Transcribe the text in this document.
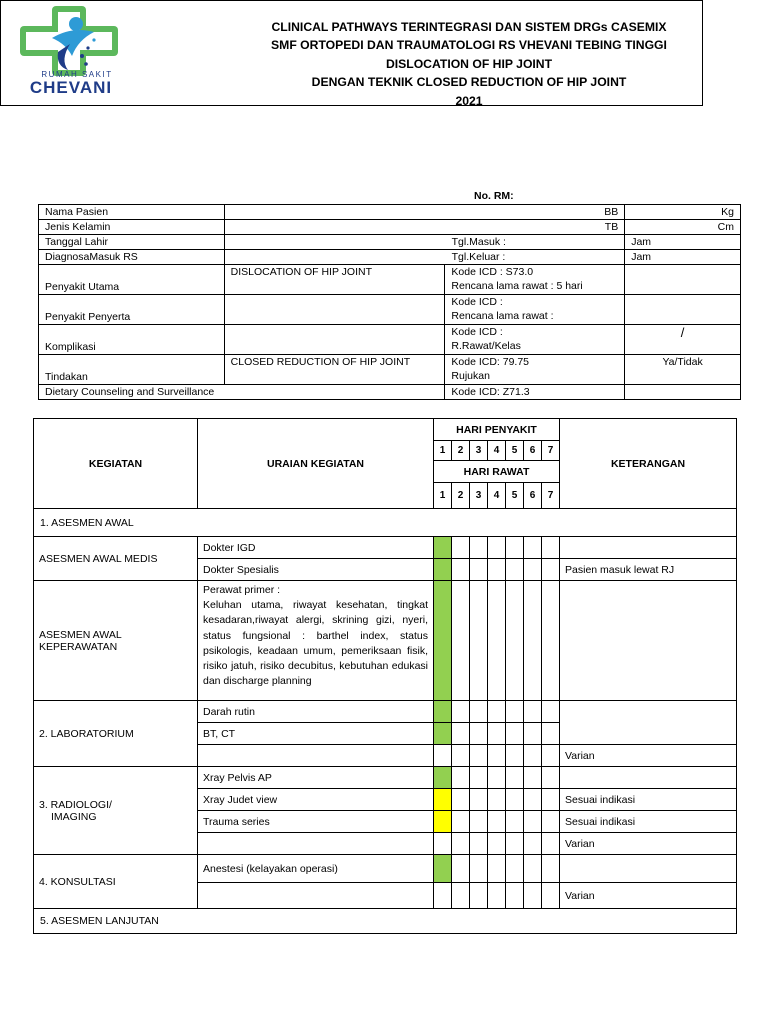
RUMAH SAKIT
CHEVANI
CLINICAL PATHWAYS TERINTEGRASI DAN SISTEM DRGs CASEMIX
SMF ORTOPEDI DAN TRAUMATOLOGI RS VHEVANI TEBING TINGGI
DISLOCATION OF HIP JOINT
DENGAN TEKNIK CLOSED REDUCTION OF HIP JOINT
2021
No. RM:
Nama Pasien	BB		Kg
Jenis Kelamin	TB		Cm
Tanggal Lahir	Tgl.Masuk :		Jam
DiagnosaMasuk RS	Tgl.Keluar :		Jam
Penyakit Utama	DISLOCATION OF HIP JOINT	Kode ICD : S73.0
Rencana lama rawat : 5 hari	

Penyakit Penyerta		Kode ICD :
Rencana lama rawat :	

Komplikasi		Kode ICD :
R.Rawat/Kelas	/
Tindakan	CLOSED REDUCTION OF HIP JOINT	Kode ICD: 79.75
Rujukan	Ya/Tidak
Dietary Counseling and Surveillance		Kode ICD: Z71.3	
KEGIATAN	URAIAN KEGIATAN	HARI PENYAKIT							KETERANGAN
		1	2	3	4	5	6	7	
		HARI RAWAT							
		1	2	3	4	5	6	7	
1. ASESMEN AWAL									
ASESMEN AWAL MEDIS	Dokter IGD								
	Dokter Spesialis								Pasien masuk lewat RJ
ASESMEN AWAL KEPERAWATAN	Perawat primer :
Keluhan utama, riwayat kesehatan, tingkat kesadaran,riwayat alergi, skrining gizi, nyeri, status fungsional : barthel index, status psikologis, keadaan umum, pemeriksaan fisik, risiko jatuh, risiko decubitus, kebutuhan edukasi dan discharge planning								

2. LABORATORIUM	Darah rutin								
	BT, CT								
									Varian

3. RADIOLOGI/
IMAGING	Xray Pelvis AP								
	Xray Judet view								Sesuai indikasi
	Trauma series								Sesuai indikasi
									Varian
4. KONSULTASI	Anestesi (kelayakan operasi)								
									Varian
5. ASESMEN LANJUTAN									
